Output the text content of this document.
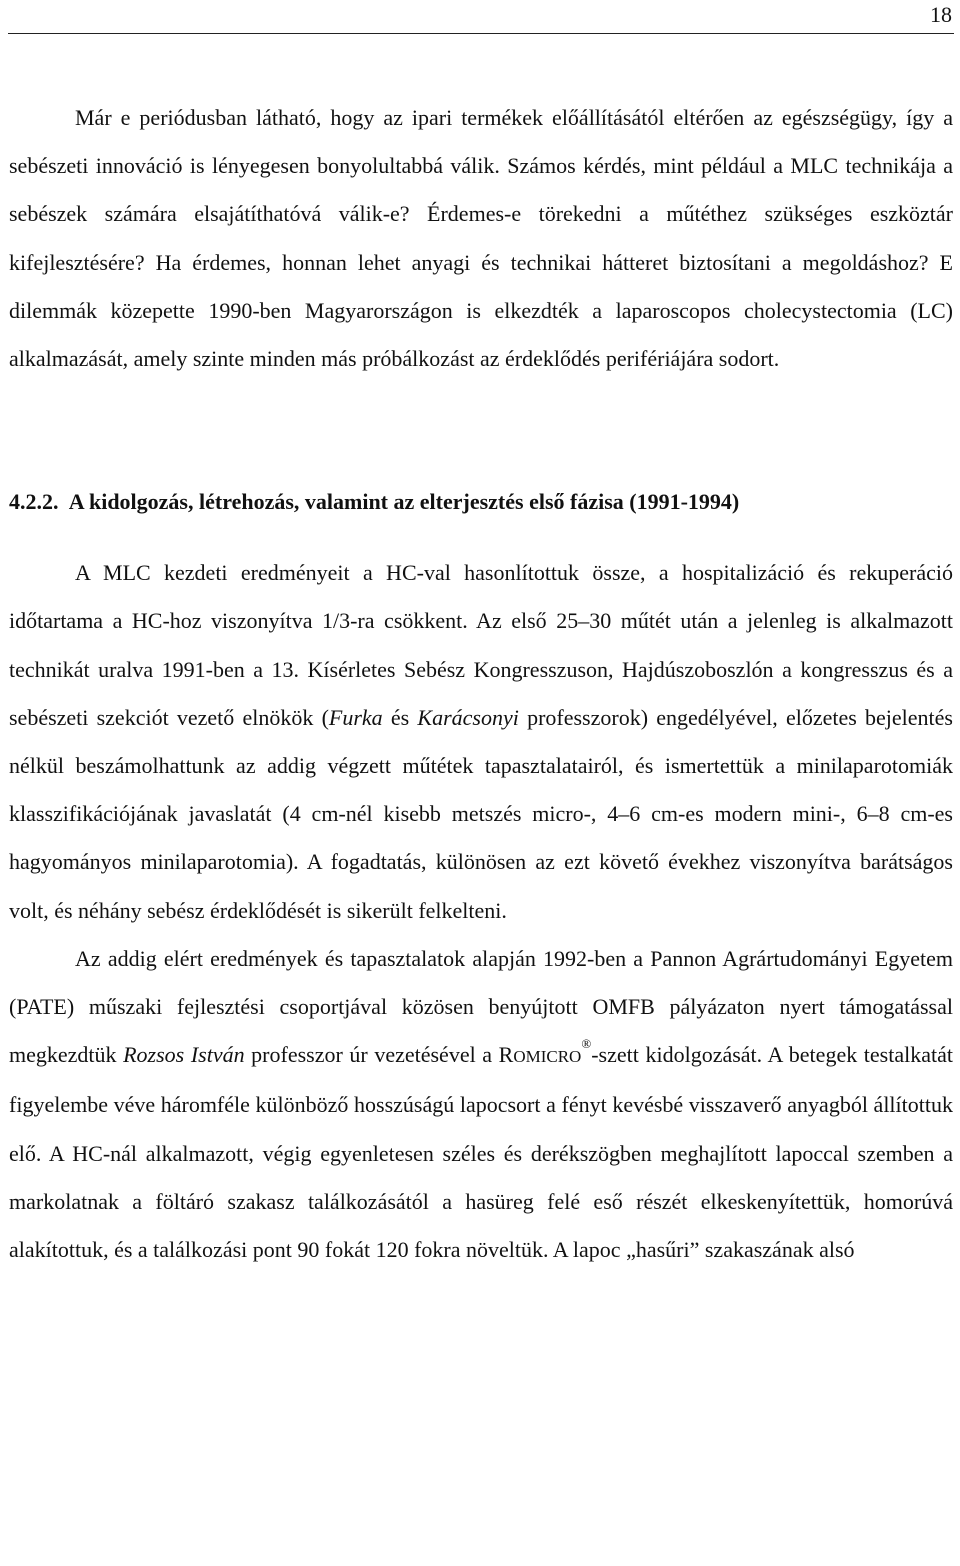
18

Már e periódusban látható, hogy az ipari termékek előállításától eltérően az egészségügy, így a sebészeti innováció is lényegesen bonyolultabbá válik. Számos kérdés, mint például a MLC technikája a sebészek számára elsajátíthatóvá válik-e? Érdemes-e törekedni a műtéthez szükséges eszköztár kifejlesztésére? Ha érdemes, honnan lehet anyagi és technikai hátteret biztosítani a megoldáshoz? E dilemmák közepette 1990-ben Magyarországon is elkezdték a laparoscopos cholecystectomia (LC) alkalmazását, amely szinte minden más próbálkozást az érdeklődés perifériájára sodort.

4.2.2. A kidolgozás, létrehozás, valamint az elterjesztés első fázisa (1991-1994)

A MLC kezdeti eredményeit a HC-val hasonlítottuk össze, a hospitalizáció és rekuperáció időtartama a HC-hoz viszonyítva 1/3-ra csökkent. Az első 25–30 műtét után a jelenleg is alkalmazott technikát uralva 1991-ben a 13. Kísérletes Sebész Kongresszuson, Hajdúszoboszlón a kongresszus és a sebészeti szekciót vezető elnökök (Furka és Karácsonyi professzorok) engedélyével, előzetes bejelentés nélkül beszámolhattunk az addig végzett műtétek tapasztalatairól, és ismertettük a minilaparotomiák klasszifikációjának javaslatát (4 cm-nél kisebb metszés micro-, 4–6 cm-es modern mini-, 6–8 cm-es hagyományos minilaparotomia). A fogadtatás, különösen az ezt követő évekhez viszonyítva barátságos volt, és néhány sebész érdeklődését is sikerült felkelteni.

Az addig elért eredmények és tapasztalatok alapján 1992-ben a Pannon Agrártudományi Egyetem (PATE) műszaki fejlesztési csoportjával közösen benyújtott OMFB pályázaton nyert támogatással megkezdtük Rozsos István professzor úr vezetésével a ROMICRO®-szett kidolgozását. A betegek testalkatát figyelembe véve háromféle különböző hosszúságú lapocsort a fényt kevésbé visszaverő anyagból állítottuk elő. A HC-nál alkalmazott, végig egyenletesen széles és derékszögben meghajlított lapoccal szemben a markolatnak a föltáró szakasz találkozásától a hasüreg felé eső részét elkeskenyítettük, homorúvá alakítottuk, és a találkozási pont 90 fokát 120 fokra növeltük. A lapoc „hasűri” szakaszának alsó
